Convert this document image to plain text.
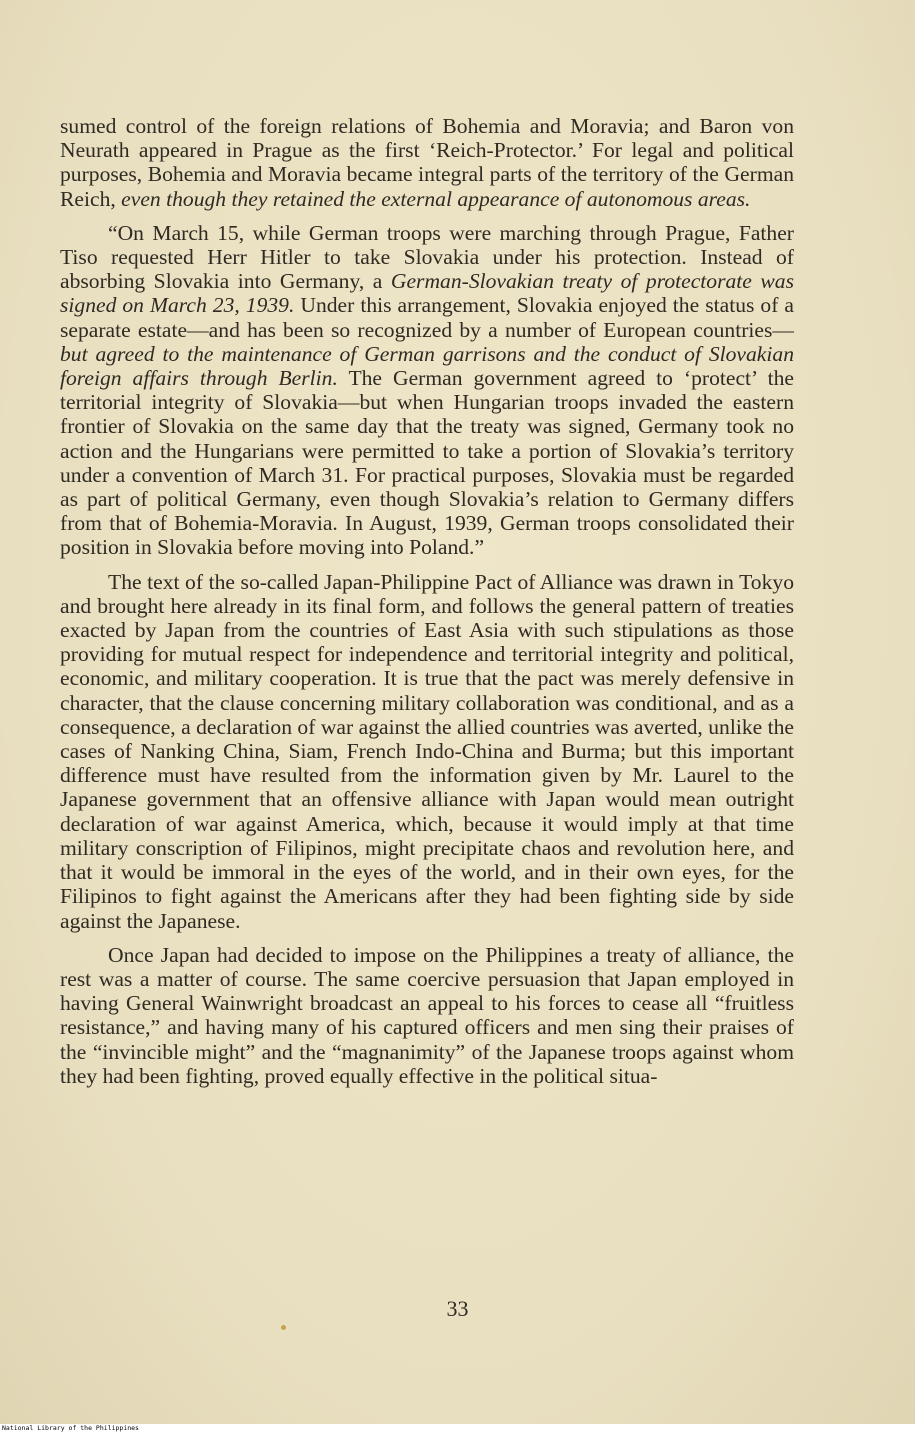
sumed control of the foreign relations of Bohemia and Moravia; and Baron von Neurath appeared in Prague as the first ‘Reich-Protector.’ For legal and political purposes, Bohemia and Moravia became integral parts of the territory of the German Reich, even though they retained the external appearance of autonomous areas.

“On March 15, while German troops were marching through Prague, Father Tiso requested Herr Hitler to take Slovakia under his protection. Instead of absorbing Slovakia into Germany, a German-Slovakian treaty of protectorate was signed on March 23, 1939. Under this arrangement, Slovakia enjoyed the status of a separate estate—and has been so recognized by a number of European countries—but agreed to the maintenance of German garrisons and the conduct of Slovakian foreign affairs through Berlin. The German government agreed to ‘protect’ the territorial integrity of Slovakia—but when Hungarian troops invaded the eastern frontier of Slovakia on the same day that the treaty was signed, Germany took no action and the Hungarians were permitted to take a portion of Slovakia’s territory under a convention of March 31. For practical purposes, Slovakia must be regarded as part of political Germany, even though Slovakia’s relation to Germany differs from that of Bohemia-Moravia. In August, 1939, German troops consolidated their position in Slovakia before moving into Poland.”

The text of the so-called Japan-Philippine Pact of Alliance was drawn in Tokyo and brought here already in its final form, and follows the general pattern of treaties exacted by Japan from the countries of East Asia with such stipulations as those providing for mutual respect for independence and territorial integrity and political, economic, and military cooperation. It is true that the pact was merely defensive in character, that the clause concerning military collaboration was conditional, and as a consequence, a declaration of war against the allied countries was averted, unlike the cases of Nanking China, Siam, French Indo-China and Burma; but this important difference must have resulted from the information given by Mr. Laurel to the Japanese government that an offensive alliance with Japan would mean outright declaration of war against America, which, because it would imply at that time military conscription of Filipinos, might precipitate chaos and revolution here, and that it would be immoral in the eyes of the world, and in their own eyes, for the Filipinos to fight against the Americans after they had been fighting side by side against the Japanese.

Once Japan had decided to impose on the Philippines a treaty of alliance, the rest was a matter of course. The same coercive persuasion that Japan employed in having General Wainwright broadcast an appeal to his forces to cease all “fruitless resistance,” and having many of his captured officers and men sing their praises of the “invincible might” and the “magnanimity” of the Japanese troops against whom they had been fighting, proved equally effective in the political situa-

33
National Library of the Philippines
